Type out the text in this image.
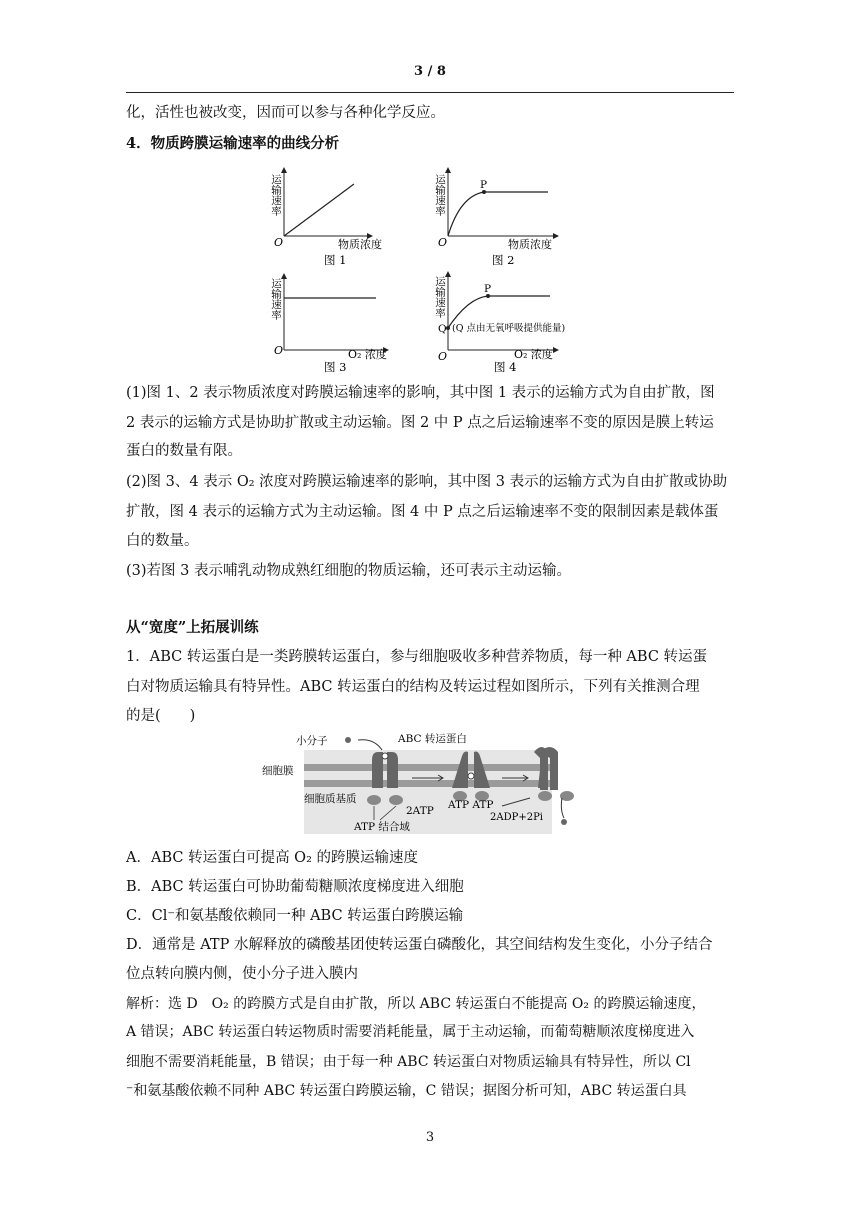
3 / 8
化，活性也被改变，因而可以参与各种化学反应。
4．物质跨膜运输速率的曲线分析
运输速率
O	物质浓度
图 1
P
运输速率
O	物质浓度
图 2
运输速率
O	O₂ 浓度
图 3
P
Q (Q 点由无氧呼吸提供能量)
运输速率
O	O₂ 浓度
图 4
(1)图 1、2 表示物质浓度对跨膜运输速率的影响，其中图 1 表示的运输方式为自由扩散，图
2 表示的运输方式是协助扩散或主动运输。图 2 中 P 点之后运输速率不变的原因是膜上转运
蛋白的数量有限。
(2)图 3、4 表示 O₂ 浓度对跨膜运输速率的影响，其中图 3 表示的运输方式为自由扩散或协助
扩散，图 4 表示的运输方式为主动运输。图 4 中 P 点之后运输速率不变的限制因素是载体蛋
白的数量。
(3)若图 3 表示哺乳动物成熟红细胞的物质运输，还可表示主动运输。
从“宽度”上拓展训练
1．ABC 转运蛋白是一类跨膜转运蛋白，参与细胞吸收多种营养物质，每一种 ABC 转运蛋
白对物质运输具有特异性。ABC 转运蛋白的结构及转运过程如图所示，下列有关推测合理
的是(　　)
小分子	ABC 转运蛋白
细胞膜
细胞质基质
ATP 结合域
2ATP ATP ATP
2ADP+2Pi
A．ABC 转运蛋白可提高 O₂ 的跨膜运输速度
B．ABC 转运蛋白可协助葡萄糖顺浓度梯度进入细胞
C．Cl⁻和氨基酸依赖同一种 ABC 转运蛋白跨膜运输
D．通常是 ATP 水解释放的磷酸基团使转运蛋白磷酸化，其空间结构发生变化，小分子结合
位点转向膜内侧，使小分子进入膜内
解析：选 D　O₂ 的跨膜方式是自由扩散，所以 ABC 转运蛋白不能提高 O₂ 的跨膜运输速度，
A 错误；ABC 转运蛋白转运物质时需要消耗能量，属于主动运输，而葡萄糖顺浓度梯度进入
细胞不需要消耗能量，B 错误；由于每一种 ABC 转运蛋白对物质运输具有特异性，所以 Cl
⁻和氨基酸依赖不同种 ABC 转运蛋白跨膜运输，C 错误；据图分析可知，ABC 转运蛋白具
3
